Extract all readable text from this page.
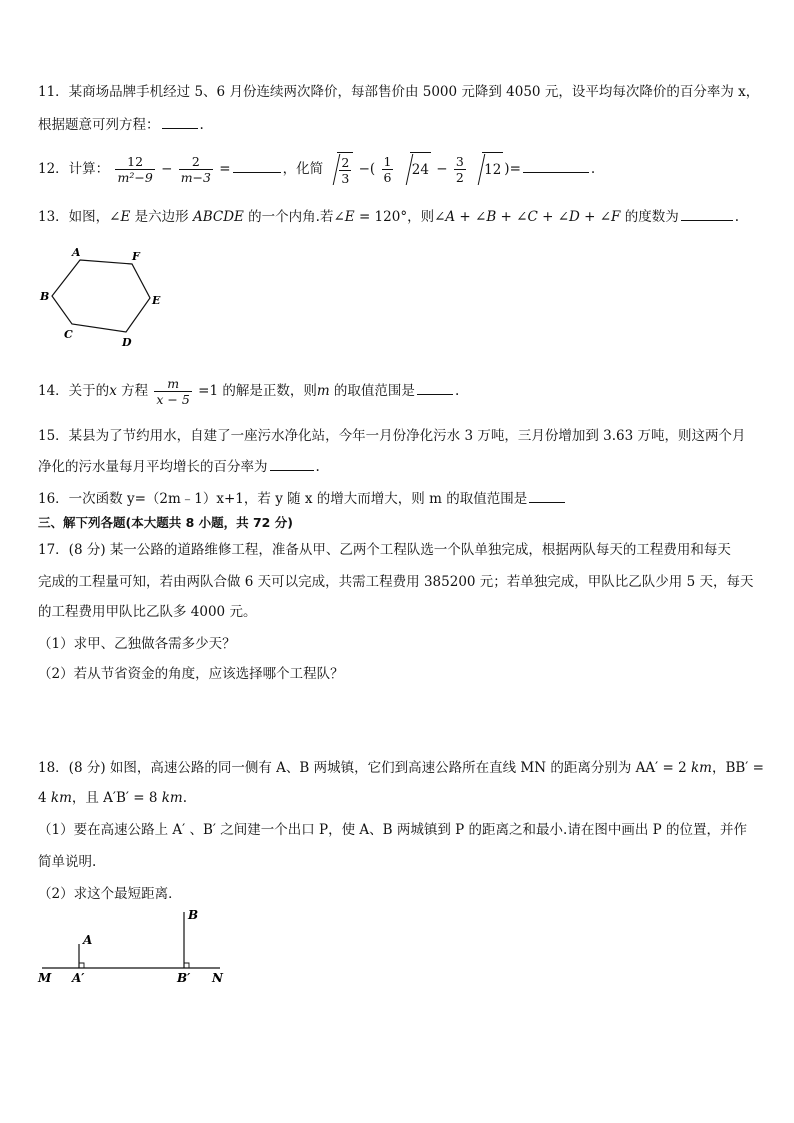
11．某商场品牌手机经过 5、6 月份连续两次降价，每部售价由 5000 元降到 4050 元，设平均每次降价的百分率为 x，
根据题意可列方程：	.
12．计算： $\frac{12}{\text{m²−9}} - \frac{2}{m-3}$ =	，化简 $\frac{2}{3}$ −( $\frac{1}{6} 24 - \frac{3}{2} 12$ )=	.
13．如图，∠E 是六边形 ABCDE 的一个内角.若∠E = 120°，则∠A + ∠B + ∠C + ∠D + ∠F 的度数为	.
A	F
E
D
C
B
14．关于的x 方程 $\frac{m}{x - 5} =1$ 的解是正数，则m 的取值范围是	.
15．某县为了节约用水，自建了一座污水净化站，今年一月份净化污水 3 万吨，三月份增加到 3.63 万吨，则这两个月
净化的污水量每月平均增长的百分率为	.
16．一次函数 y=（2m﹣1）x+1，若 y 随 x 的增大而增大，则 m 的取值范围是
三、解下列各题(本大题共 8 小题，共 72 分)
17．(8 分) 某一公路的道路维修工程，准备从甲、乙两个工程队选一个队单独完成，根据两队每天的工程费用和每天
完成的工程量可知，若由两队合做 6 天可以完成，共需工程费用 385200 元；若单独完成，甲队比乙队少用 5 天，每天
的工程费用甲队比乙队多 4000 元。
（1）求甲、乙独做各需多少天？
（2）若从节省资金的角度，应该选择哪个工程队？
18．(8 分) 如图，高速公路的同一侧有 A、B 两城镇，它们到高速公路所在直线 MN 的距离分别为 AA′ = 2 km，BB′ =
4 km，且 A′B′ = 8 km.
（1）要在高速公路上 A′ 、B′ 之间建一个出口 P，使 A、B 两城镇到 P 的距离之和最小.请在图中画出 P 的位置，并作
简单说明.
（2）求这个最短距离．
B
A
M A′	B′ N
